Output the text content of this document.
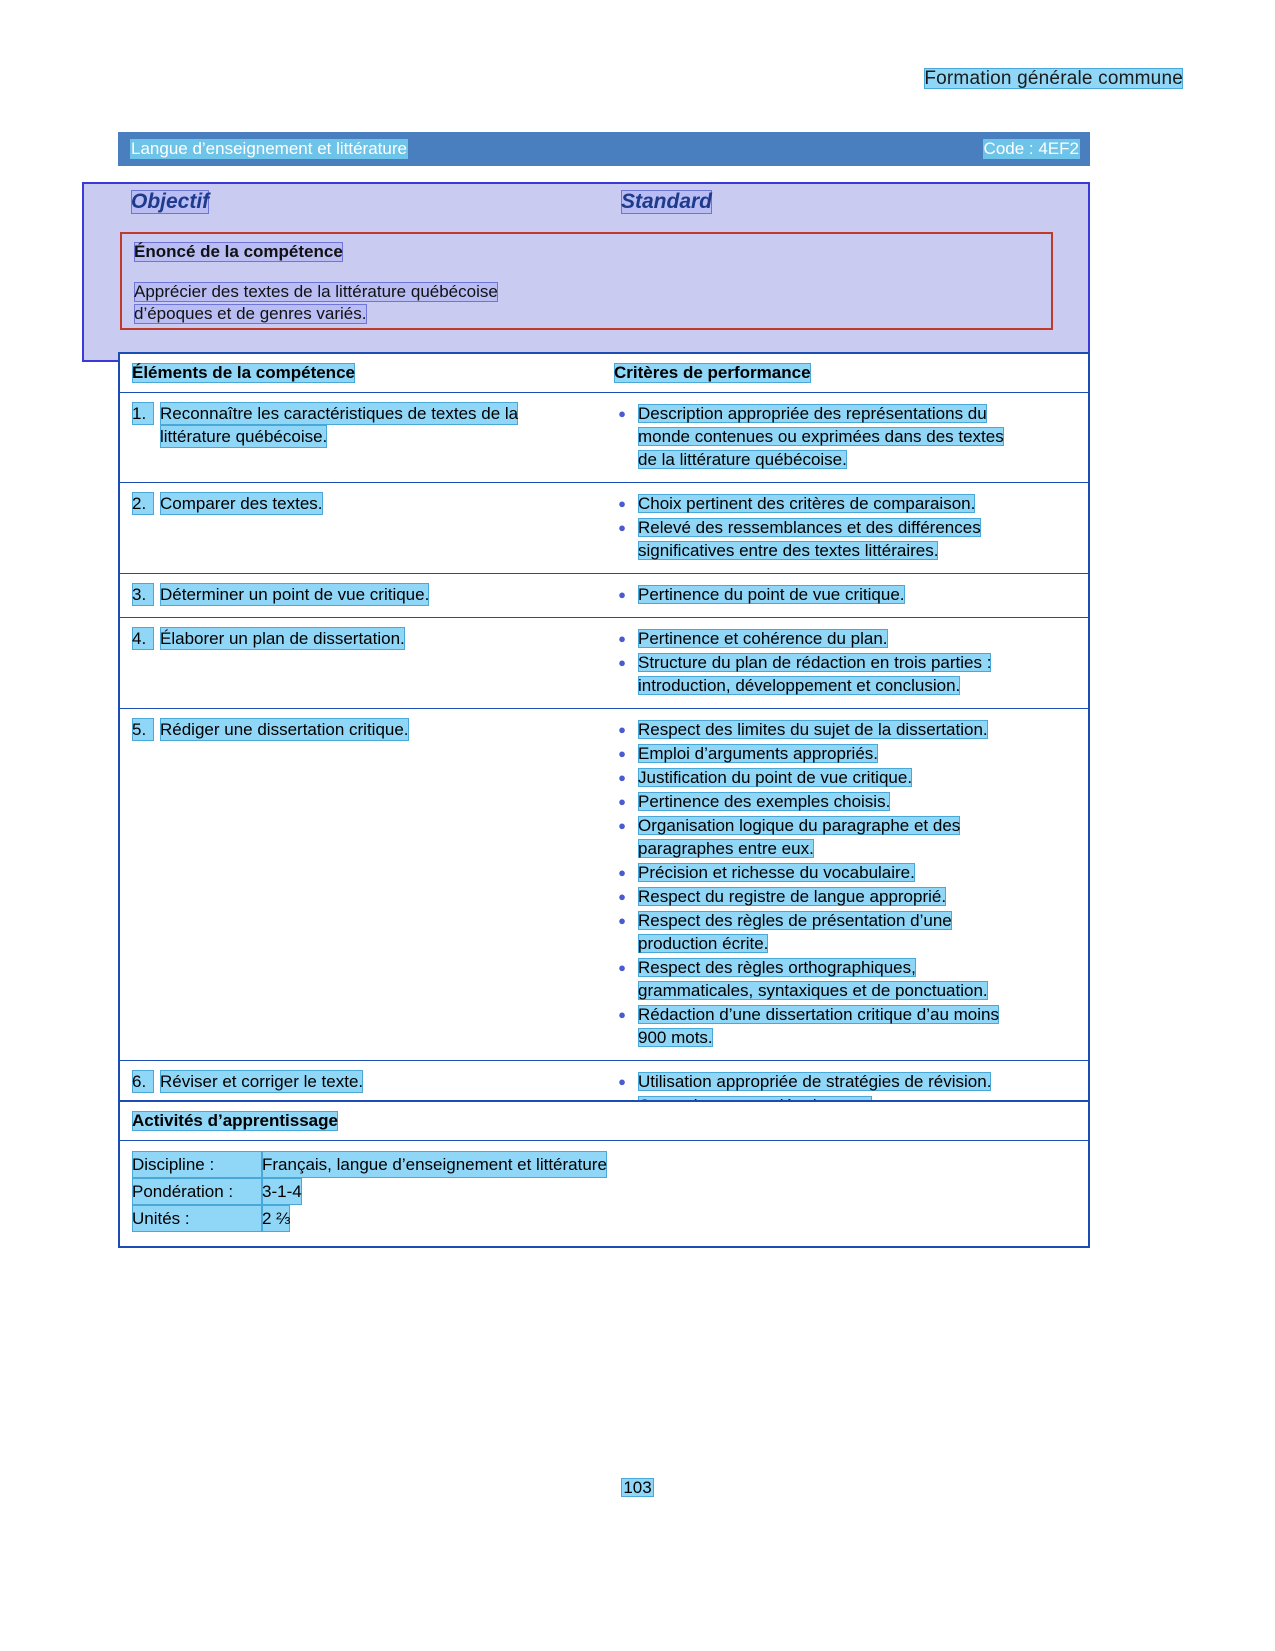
Formation générale commune
Langue d’enseignement et littérature	Code : 4EF2
Objectif	Standard
Énoncé de la compétence
Apprécier des textes de la littérature québécoise
d’époques et de genres variés.
Éléments de la compétence	Critères de performance
1. Reconnaître les caractéristiques de textes de la
littérature québécoise.
● Description appropriée des représentations du
monde contenues ou exprimées dans des textes
de la littérature québécoise.
2. Comparer des textes.	● Choix pertinent des critères de comparaison.
● Relevé des ressemblances et des différences
significatives entre des textes littéraires.
3. Déterminer un point de vue critique.	● Pertinence du point de vue critique.
4. Élaborer un plan de dissertation.	● Pertinence et cohérence du plan.
● Structure du plan de rédaction en trois parties :
introduction, développement et conclusion.
5. Rédiger une dissertation critique.	● Respect des limites du sujet de la dissertation.
● Emploi d’arguments appropriés.
● Justification du point de vue critique.
● Pertinence des exemples choisis.
● Organisation logique du paragraphe et des
paragraphes entre eux.
● Précision et richesse du vocabulaire.
● Respect du registre de langue approprié.
● Respect des règles de présentation d’une
production écrite.
● Respect des règles orthographiques,
grammaticales, syntaxiques et de ponctuation.
● Rédaction d’une dissertation critique d’au moins
900 mots.
6. Réviser et corriger le texte.	● Utilisation appropriée de stratégies de révision.
Activités d’apprentissage
Discipline :	Français, langue d’enseignement et littérature
Pondération :	3-1-4
Unités :	2 ⅔
103
